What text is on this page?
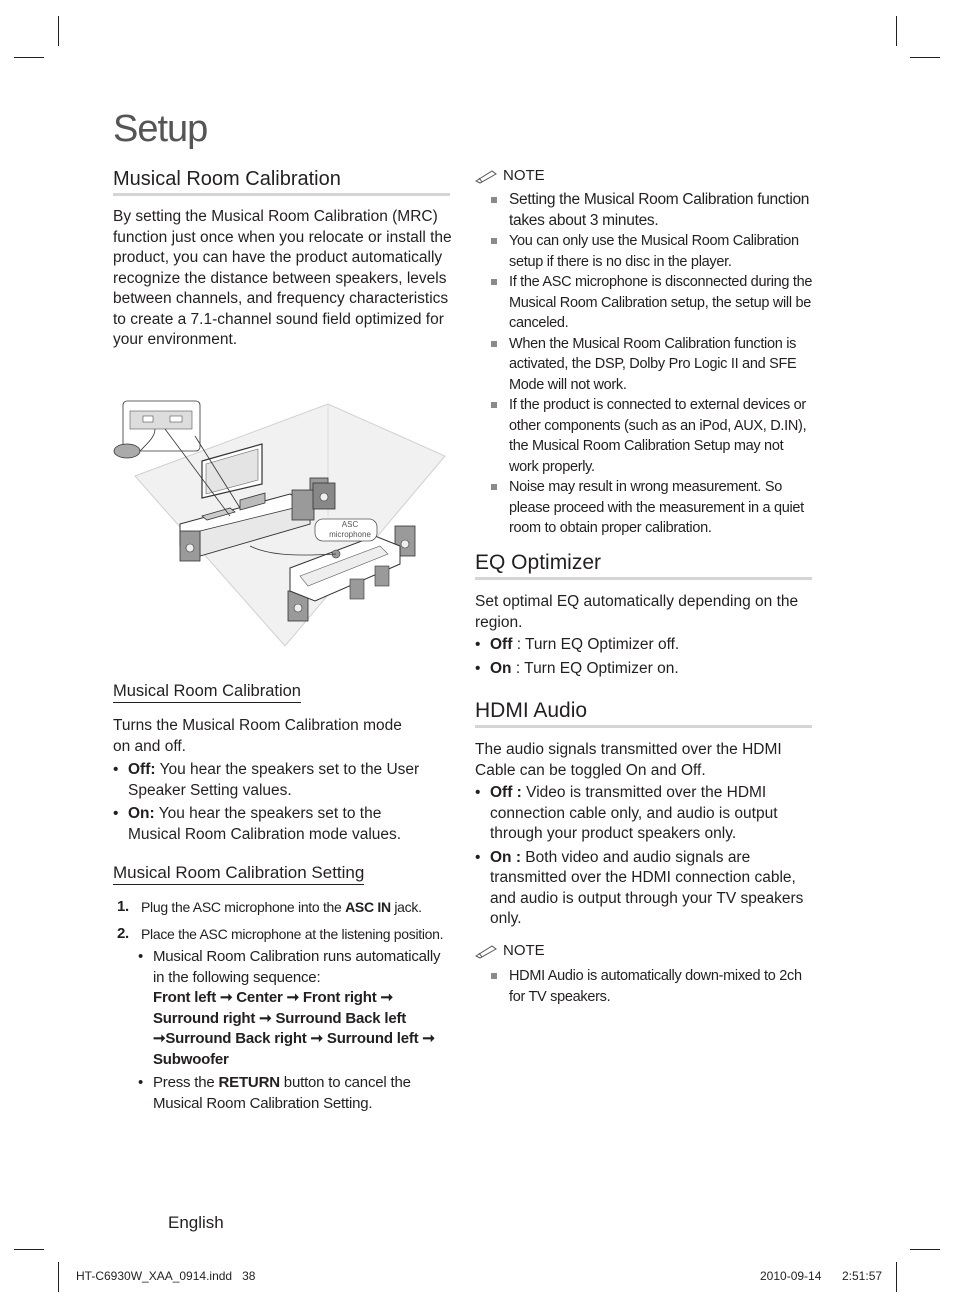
Setup
Musical Room Calibration
By setting the Musical Room Calibration (MRC) function just once when you relocate or install the product, you can have the product automatically recognize the distance between speakers, levels between channels, and frequency characteristics to create a 7.1-channel sound field optimized for your environment.
ASC
microphone
Musical Room Calibration
Turns the Musical Room Calibration mode on and off.
• Off: You hear the speakers set to the User Speaker Setting values.
• On: You hear the speakers set to the Musical Room Calibration mode values.
Musical Room Calibration Setting
1. Plug the ASC microphone into the ASC IN jack.
2. Place the ASC microphone at the listening position.
• Musical Room Calibration runs automatically in the following sequence:
Front left ➞ Center ➞ Front right ➞ Surround right ➞ Surround Back left ➞Surround Back right ➞ Surround left ➞ Subwoofer
• Press the RETURN button to cancel the Musical Room Calibration Setting.
NOTE
Setting the Musical Room Calibration function takes about 3 minutes.
You can only use the Musical Room Calibration setup if there is no disc in the player.
If the ASC microphone is disconnected during the Musical Room Calibration setup, the setup will be canceled.
When the Musical Room Calibration function is activated, the DSP, Dolby Pro Logic II and SFE Mode will not work.
If the product is connected to external devices or other components (such as an iPod, AUX, D.IN), the Musical Room Calibration Setup may not work properly.
Noise may result in wrong measurement. So please proceed with the measurement in a quiet room to obtain proper calibration.
EQ Optimizer
Set optimal EQ automatically depending on the region.
• Off : Turn EQ Optimizer off.
• On : Turn EQ Optimizer on.
HDMI Audio
The audio signals transmitted over the HDMI Cable can be toggled On and Off.
• Off : Video is transmitted over the HDMI connection cable only, and audio is output through your product speakers only.
• On : Both video and audio signals are transmitted over the HDMI connection cable, and audio is output through your TV speakers only.
NOTE
HDMI Audio is automatically down-mixed to 2ch for TV speakers.
English
HT-C6930W_XAA_0914.indd   38	2010-09-14 2:51:57
